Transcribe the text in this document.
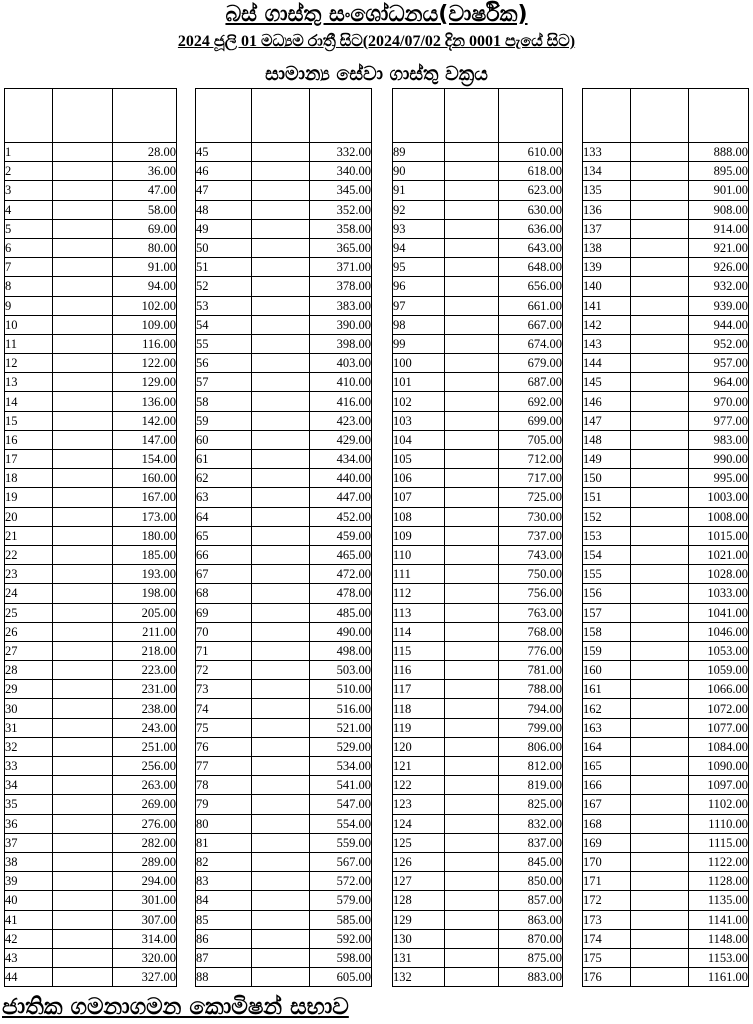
බස් ගාස්තු සංශෝධනය(වාර්ෂික)
2024 ජූලි 01 මධ්‍යම රාත්‍රී සිට(2024/07/02 දින 0001 පැයේ සිට)
සාමාන්‍ය සේවා ගාස්තු වක්‍රය

1		28.00
2		36.00
3		47.00
4		58.00
5		69.00
6		80.00
7		91.00
8		94.00
9		102.00
10		109.00
11		116.00
12		122.00
13		129.00
14		136.00
15		142.00
16		147.00
17		154.00
18		160.00
19		167.00
20		173.00
21		180.00
22		185.00
23		193.00
24		198.00
25		205.00
26		211.00
27		218.00
28		223.00
29		231.00
30		238.00
31		243.00
32		251.00
33		256.00
34		263.00
35		269.00
36		276.00
37		282.00
38		289.00
39		294.00
40		301.00
41		307.00
42		314.00
43		320.00
44		327.00

45		332.00
46		340.00
47		345.00
48		352.00
49		358.00
50		365.00
51		371.00
52		378.00
53		383.00
54		390.00
55		398.00
56		403.00
57		410.00
58		416.00
59		423.00
60		429.00
61		434.00
62		440.00
63		447.00
64		452.00
65		459.00
66		465.00
67		472.00
68		478.00
69		485.00
70		490.00
71		498.00
72		503.00
73		510.00
74		516.00
75		521.00
76		529.00
77		534.00
78		541.00
79		547.00
80		554.00
81		559.00
82		567.00
83		572.00
84		579.00
85		585.00
86		592.00
87		598.00
88		605.00

89		610.00
90		618.00
91		623.00
92		630.00
93		636.00
94		643.00
95		648.00
96		656.00
97		661.00
98		667.00
99		674.00
100		679.00
101		687.00
102		692.00
103		699.00
104		705.00
105		712.00
106		717.00
107		725.00
108		730.00
109		737.00
110		743.00
111		750.00
112		756.00
113		763.00
114		768.00
115		776.00
116		781.00
117		788.00
118		794.00
119		799.00
120		806.00
121		812.00
122		819.00
123		825.00
124		832.00
125		837.00
126		845.00
127		850.00
128		857.00
129		863.00
130		870.00
131		875.00
132		883.00

133		888.00
134		895.00
135		901.00
136		908.00
137		914.00
138		921.00
139		926.00
140		932.00
141		939.00
142		944.00
143		952.00
144		957.00
145		964.00
146		970.00
147		977.00
148		983.00
149		990.00
150		995.00
151		1003.00
152		1008.00
153		1015.00
154		1021.00
155		1028.00
156		1033.00
157		1041.00
158		1046.00
159		1053.00
160		1059.00
161		1066.00
162		1072.00
163		1077.00
164		1084.00
165		1090.00
166		1097.00
167		1102.00
168		1110.00
169		1115.00
170		1122.00
171		1128.00
172		1135.00
173		1141.00
174		1148.00
175		1153.00
176		1161.00
ජාතික ගමනාගමන කොමිෂන් සභාව
